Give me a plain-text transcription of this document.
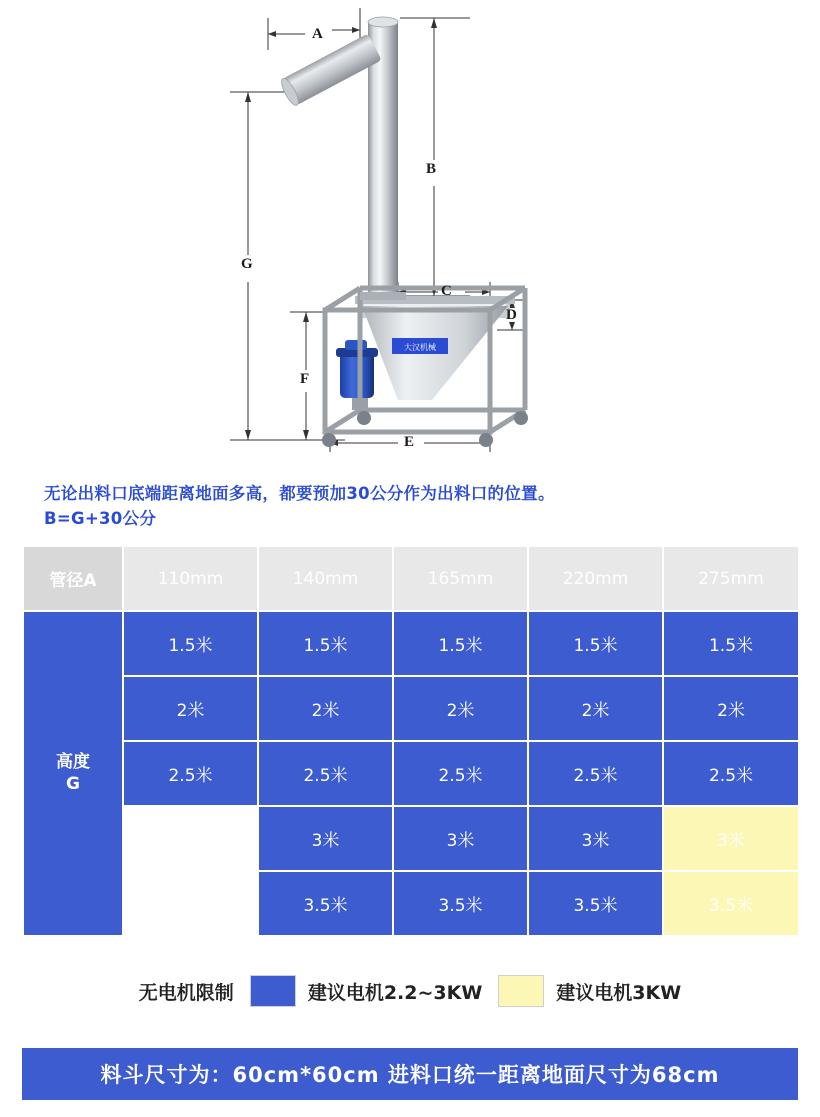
大汉机械
A
B
C
D
E
F
G
无论出料口底端距离地面多高，都要预加30公分作为出料口的位置。B=G+30公分
管径A	110mm	140mm	165mm	220mm	275mm
高度
G	1.5米	1.5米	1.5米	1.5米	1.5米
	2米	2米	2米	2米	2米
	2.5米	2.5米	2.5米	2.5米	2.5米
		3米	3米	3米	3米
		3.5米	3.5米	3.5米	3.5米
无电机限制	建议电机2.2~3KW	建议电机3KW
料斗尺寸为：60cm*60cm 进料口统一距离地面尺寸为68cm
